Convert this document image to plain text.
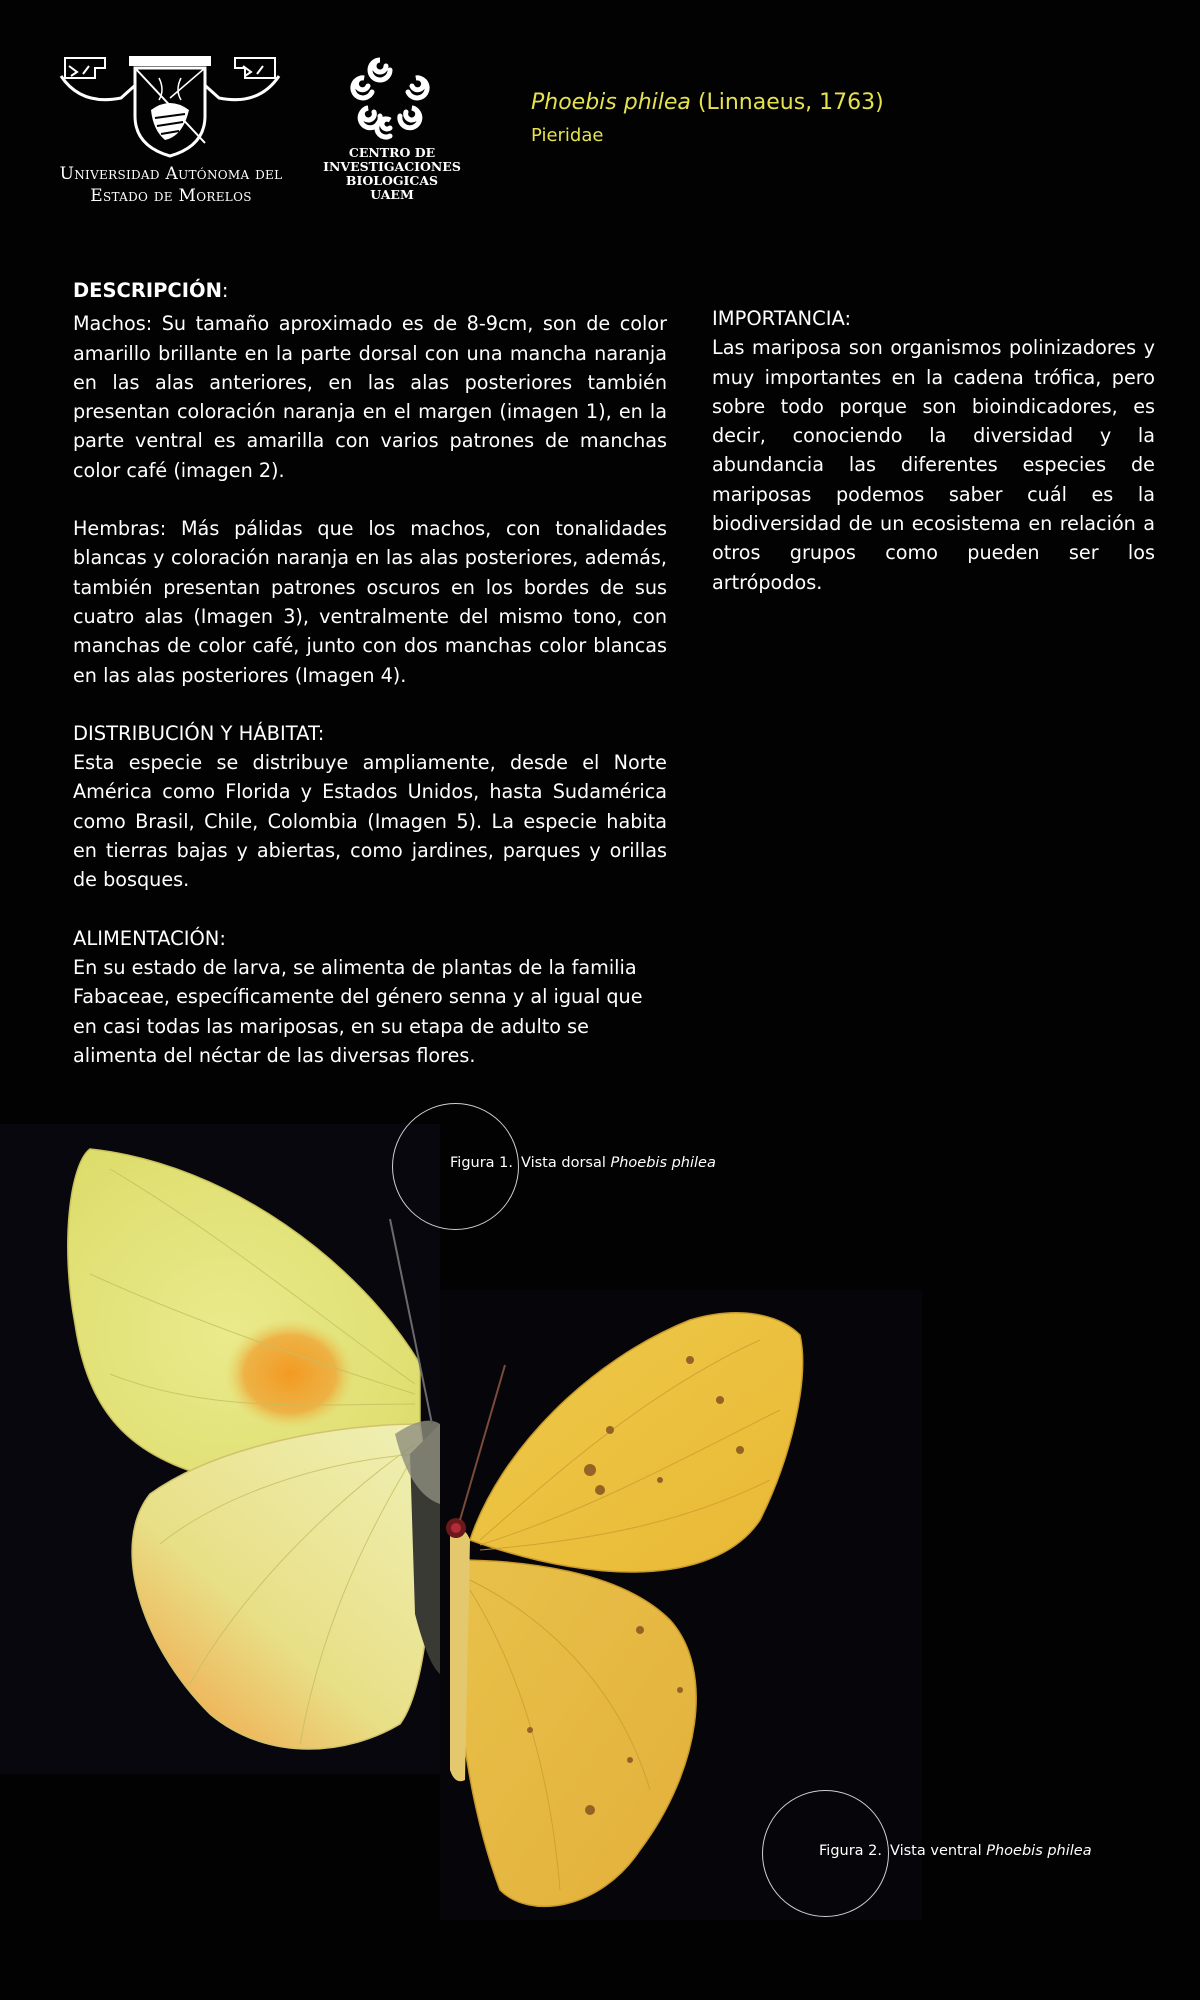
Universidad Autónoma del
Estado de Morelos
CENTRO DE
INVESTIGACIONES
BIOLOGICAS
UAEM
Phoebis philea (Linnaeus, 1763)
Pieridae
DESCRIPCIÓN:
Machos: Su tamaño aproximado es de 8-9cm, son de color amarillo brillante en la parte dorsal con una mancha naranja en las alas anteriores, en las alas posteriores también presentan coloración naranja en el margen (imagen 1), en la parte ventral es amarilla con varios patrones de manchas color café (imagen 2).
Hembras: Más pálidas que los machos, con tonalidades blancas y coloración naranja en las alas posteriores, además, también presentan patrones oscuros en los bordes de sus cuatro alas (Imagen 3), ventralmente del mismo tono, con manchas de color café, junto con dos manchas color blancas en las alas posteriores (Imagen 4).
DISTRIBUCIÓN Y HÁBITAT:
Esta especie se distribuye ampliamente, desde el Norte América como Florida y Estados Unidos, hasta Sudamérica como Brasil, Chile, Colombia (Imagen 5). La especie habita en tierras bajas y abiertas, como jardines, parques y orillas de bosques.
ALIMENTACIÓN:
En su estado de larva, se alimenta de plantas de la familia Fabaceae, específicamente del género senna y al igual que en casi todas las mariposas, en su etapa de adulto se alimenta del néctar de las diversas flores.
IMPORTANCIA:
Las mariposa son organismos polinizadores y muy importantes en la cadena trófica, pero sobre todo porque son bioindicadores, es decir, conociendo la diversidad y la abundancia las diferentes especies de mariposas podemos saber cuál es la biodiversidad de un ecosistema en relación a otros grupos como pueden ser los artrópodos.
Figura 1. Vista dorsal Phoebis philea
Figura 2. Vista ventral Phoebis philea
